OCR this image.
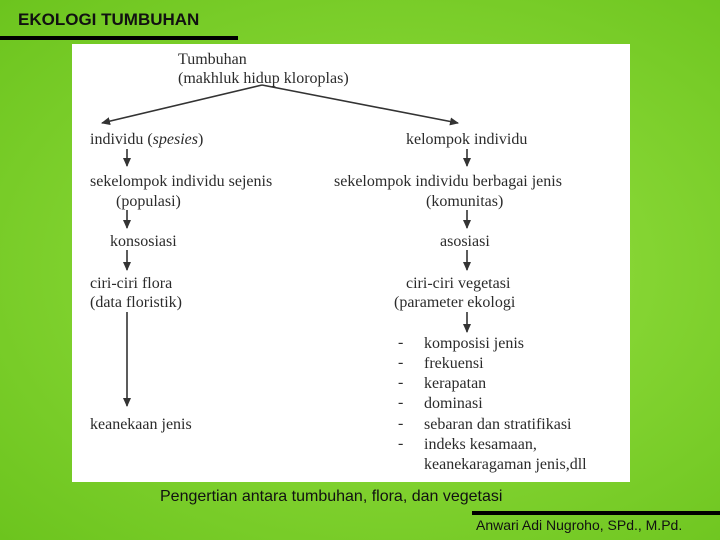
EKOLOGI TUMBUHAN
Tumbuhan
(makhluk hidup kloroplas)
individu (spesies)
sekelompok individu sejenis
(populasi)
konsosiasi
ciri-ciri flora
(data floristik)
keanekaan jenis
kelompok individu
sekelompok individu berbagai jenis
(komunitas)
asosiasi
ciri-ciri vegetasi
(parameter ekologi
- komposisi jenis
- frekuensi
- kerapatan
- dominasi
- sebaran dan stratifikasi
- indeks kesamaan,
keanekaragaman jenis,dll
Pengertian antara tumbuhan, flora, dan vegetasi
Anwari Adi Nugroho, SPd., M.Pd.
